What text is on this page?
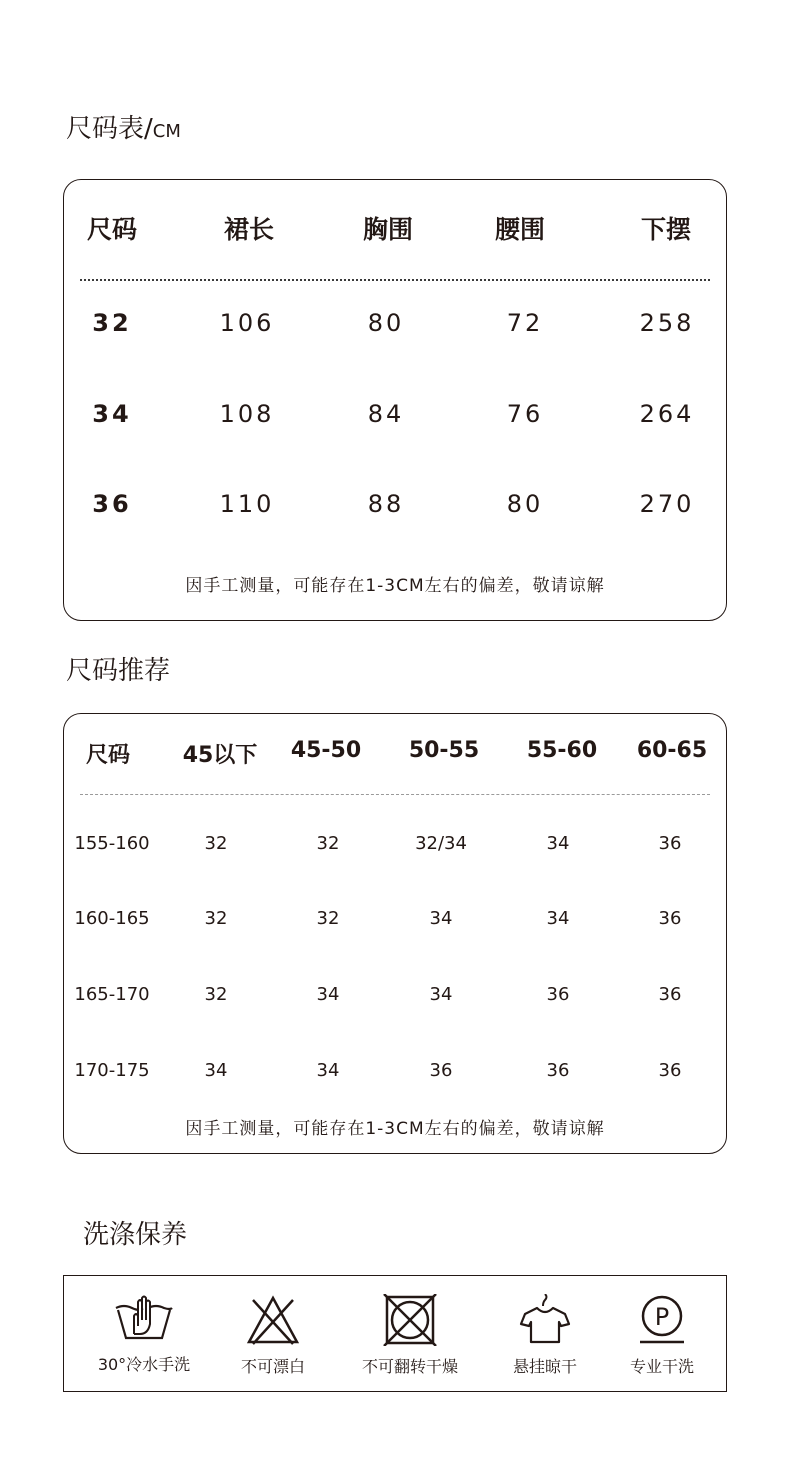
尺码表/CM
尺码	裙长	胸围	腰围	下摆
32	106	80	72	258
34	108	84	76	264
36	110	88	80	270
因手工测量，可能存在1-3CM左右的偏差，敬请谅解
尺码推荐
尺码 45以下 45-50 50-55 55-60 60-65
155-160	32	32	32/34	34	36
160-165	32	32	34	34	36
165-170	32	34	34	36	36
170-175	34	34	36	36	36
因手工测量，可能存在1-3CM左右的偏差，敬请谅解
洗涤保养
30°冷水手洗	不可漂白	不可翻转干燥	悬挂晾干
P
专业干洗
